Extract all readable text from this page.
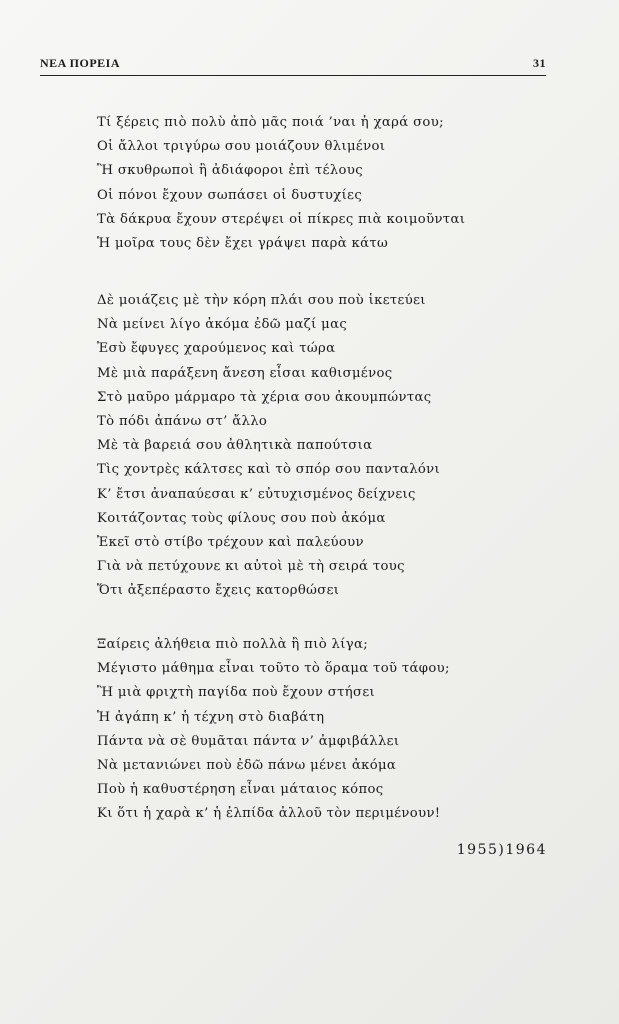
ΝΕΑ ΠΟΡΕΙΑ	31
Τί ξέρεις πιὸ πολὺ ἀπὸ μᾶς ποιά ’ναι ἡ χαρά σου;
Οἱ ἄλλοι τριγύρω σου μοιάζουν θλιμένοι
Ἢ σκυθρωποὶ ἢ ἀδιάφοροι ἐπὶ τέλους
Οἱ πόνοι ἔχουν σωπάσει οἱ δυστυχίες
Τὰ δάκρυα ἔχουν στερέψει οἱ πίκρες πιὰ κοιμοῦνται
Ἡ μοῖρα τους δὲν ἔχει γράψει παρὰ κάτω
Δὲ μοιάζεις μὲ τὴν κόρη πλάι σου ποὺ ἱκετεύει
Νὰ μείνει λίγο ἀκόμα ἐδῶ μαζί μας
Ἐσὺ ἔφυγες χαρούμενος καὶ τώρα
Μὲ μιὰ παράξενη ἄνεση εἶσαι καθισμένος
Στὸ μαῦρο μάρμαρο τὰ χέρια σου ἀκουμπώντας
Τὸ πόδι ἀπάνω στ’ ἄλλο
Μὲ τὰ βαρειά σου ἀθλητικὰ παπούτσια
Τὶς χοντρὲς κάλτσες καὶ τὸ σπόρ σου πανταλόνι
Κ’ ἔτσι ἀναπαύεσαι κ’ εὐτυχισμένος δείχνεις
Κοιτάζοντας τοὺς φίλους σου ποὺ ἀκόμα
Ἐκεῖ στὸ στίβο τρέχουν καὶ παλεύουν
Γιὰ νὰ πετύχουνε κι αὐτοὶ μὲ τὴ σειρά τους
Ὅτι ἀξεπέραστο ἔχεις κατορθώσει
Ξαίρεις ἀλήθεια πιὸ πολλὰ ἢ πιὸ λίγα;
Μέγιστο μάθημα εἶναι τοῦτο τὸ ὅραμα τοῦ τάφου;
Ἢ μιὰ φριχτὴ παγίδα ποὺ ἔχουν στήσει
Ἡ ἀγάπη κ’ ἡ τέχνη στὸ διαβάτη
Πάντα νὰ σὲ θυμᾶται πάντα ν’ ἀμφιβάλλει
Νὰ μετανιώνει ποὺ ἐδῶ πάνω μένει ἀκόμα
Ποὺ ἡ καθυστέρηση εἶναι μάταιος κόπος
Κι ὅτι ἡ χαρὰ κ’ ἡ ἐλπίδα ἀλλοῦ τὸν περιμένουν!
1955)1964
